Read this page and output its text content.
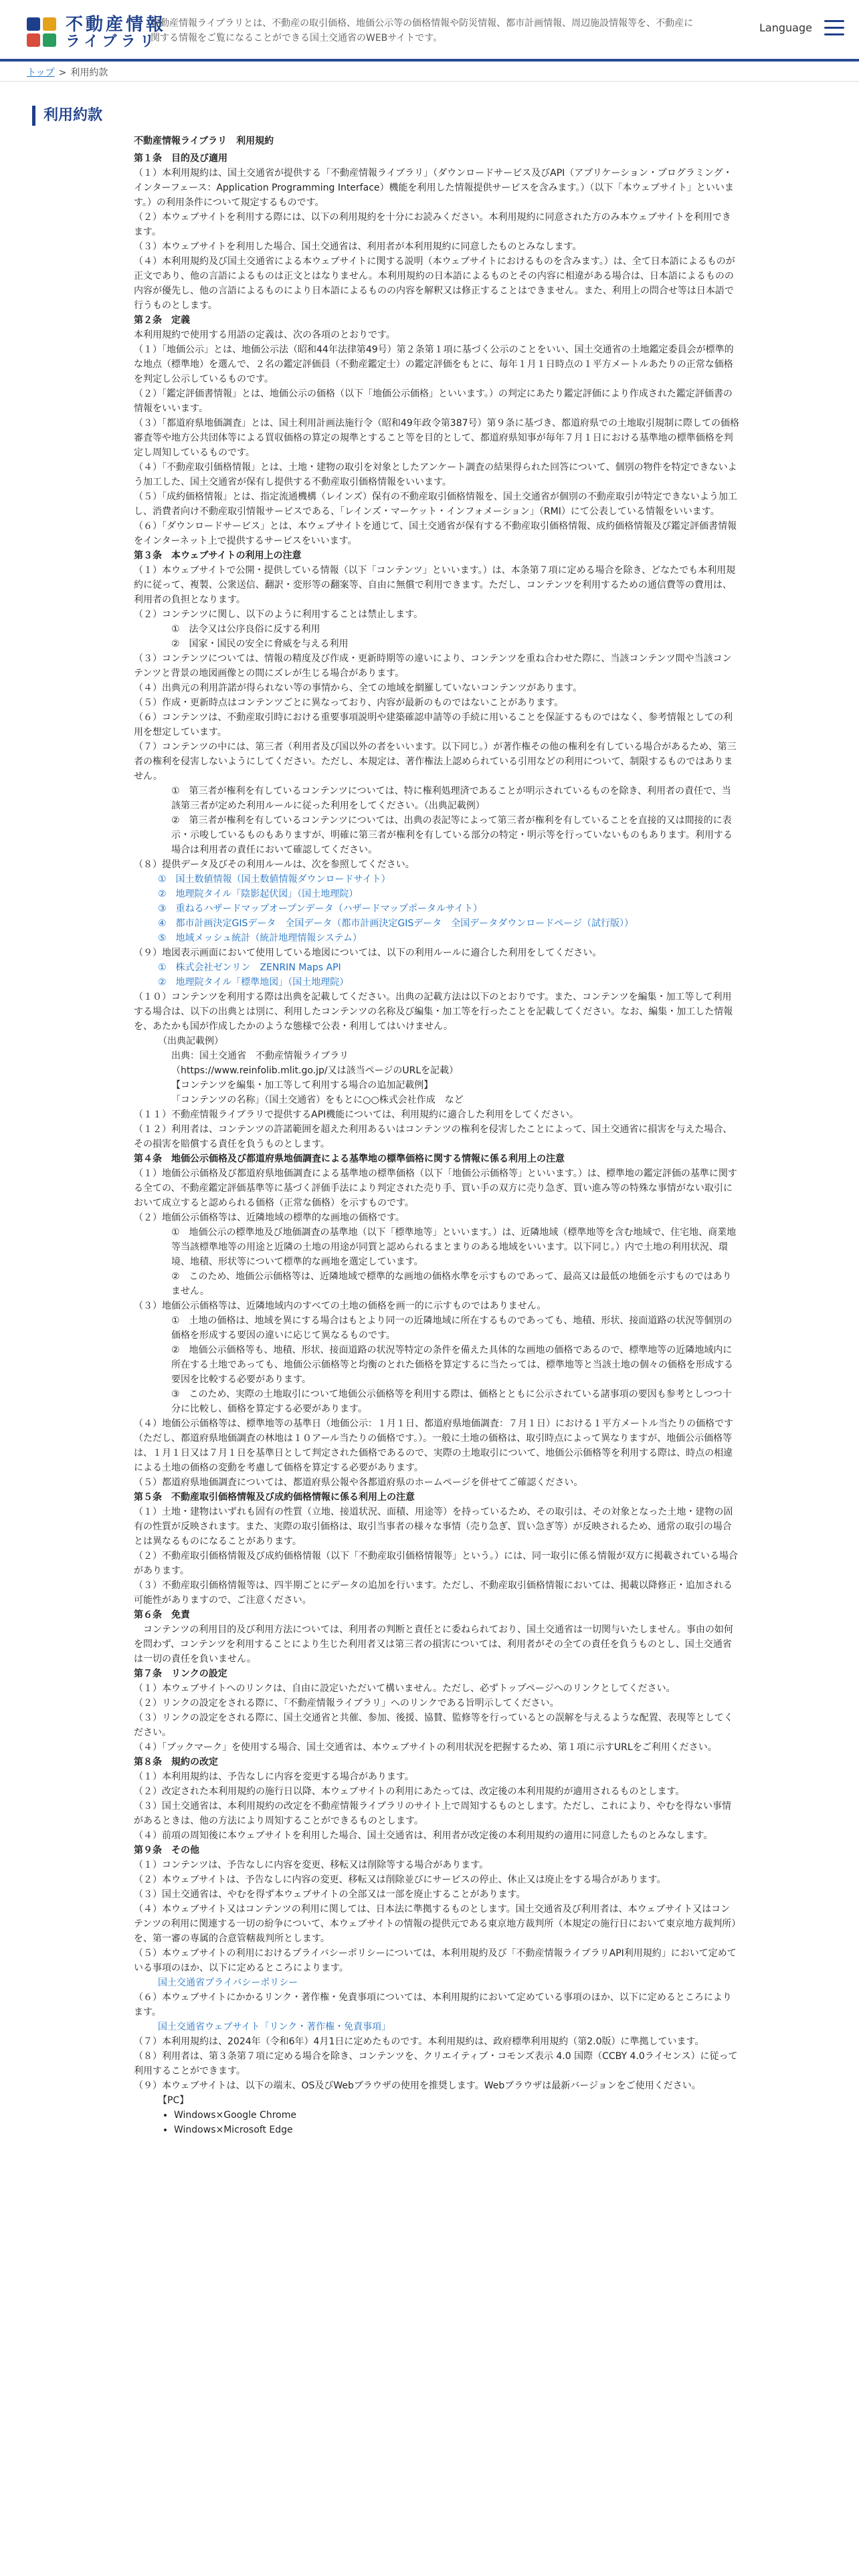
不動産情報
ライブラリ
不動産情報ライブラリとは、不動産の取引価格、地価公示等の価格情報や防災情報、都市計画情報、周辺施設情報等を、不動産に関する情報をご覧になることができる国土交通省のWEBサイトです。
Language
トップ > 利用約款
利用約款
不動産情報ライブラリ　利用規約
第１条　目的及び適用
（１）本利用規約は、国土交通省が提供する「不動産情報ライブラリ」（ダウンロードサービス及びAPI（アプリケーション・プログラミング・インターフェース：Application Programming Interface）機能を利用した情報提供サービスを含みます。）（以下「本ウェブサイト」といいます。）の利用条件について規定するものです。
（２）本ウェブサイトを利用する際には、以下の利用規約を十分にお読みください。本利用規約に同意された方のみ本ウェブサイトを利用できます。
（３）本ウェブサイトを利用した場合、国土交通省は、利用者が本利用規約に同意したものとみなします。
（４）本利用規約及び国土交通省による本ウェブサイトに関する説明（本ウェブサイトにおけるものを含みます。）は、全て日本語によるものが正文であり、他の言語によるものは正文とはなりません。本利用規約の日本語によるものとその内容に相違がある場合は、日本語によるものの内容が優先し、他の言語によるものにより日本語によるものの内容を解釈又は修正することはできません。また、利用上の問合せ等は日本語で行うものとします。
第２条　定義
本利用規約で使用する用語の定義は、次の各項のとおりです。
（１）「地価公示」とは、地価公示法（昭和44年法律第49号）第２条第１項に基づく公示のことをいい、国土交通省の土地鑑定委員会が標準的な地点（標準地）を選んで、２名の鑑定評価員（不動産鑑定士）の鑑定評価をもとに、毎年１月１日時点の１平方メートルあたりの正常な価格を判定し公示しているものです。
（２）「鑑定評価書情報」とは、地価公示の価格（以下「地価公示価格」といいます。）の判定にあたり鑑定評価により作成された鑑定評価書の情報をいいます。
（３）「都道府県地価調査」とは、国土利用計画法施行令（昭和49年政令第387号）第９条に基づき、都道府県での土地取引規制に際しての価格審査等や地方公共団体等による買収価格の算定の規準とすること等を目的として、都道府県知事が毎年７月１日における基準地の標準価格を判定し周知しているものです。
（４）「不動産取引価格情報」とは、土地・建物の取引を対象としたアンケート調査の結果得られた回答について、個別の物件を特定できないよう加工した、国土交通省が保有し提供する不動産取引価格情報をいいます。
（５）「成約価格情報」とは、指定流通機構（レインズ）保有の不動産取引価格情報を、国土交通省が個別の不動産取引が特定できないよう加工し、消費者向け不動産取引情報サービスである、「レインズ・マーケット・インフォメーション」（RMI）にて公表している情報をいいます。
（６）「ダウンロードサービス」とは、本ウェブサイトを通じて、国土交通省が保有する不動産取引価格情報、成約価格情報及び鑑定評価書情報をインターネット上で提供するサービスをいいます。
第３条　本ウェブサイトの利用上の注意
（１）本ウェブサイトで公開・提供している情報（以下「コンテンツ」といいます。）は、本条第７項に定める場合を除き、どなたでも本利用規約に従って、複製、公衆送信、翻訳・変形等の翻案等、自由に無償で利用できます。ただし、コンテンツを利用するための通信費等の費用は、利用者の負担となります。
（２）コンテンツに関し、以下のように利用することは禁止します。
①　法令又は公序良俗に反する利用
②　国家・国民の安全に脅威を与える利用
（３）コンテンツについては、情報の精度及び作成・更新時期等の違いにより、コンテンツを重ね合わせた際に、当該コンテンツ間や当該コンテンツと背景の地図画像との間にズレが生じる場合があります。
（４）出典元の利用許諾が得られない等の事情から、全ての地域を網羅していないコンテンツがあります。
（５）作成・更新時点はコンテンツごとに異なっており、内容が最新のものではないことがあります。
（６）コンテンツは、不動産取引時における重要事項説明や建築確認申請等の手続に用いることを保証するものではなく、参考情報としての利用を想定しています。
（７）コンテンツの中には、第三者（利用者及び国以外の者をいいます。以下同じ。）が著作権その他の権利を有している場合があるため、第三者の権利を侵害しないようにしてください。ただし、本規定は、著作権法上認められている引用などの利用について、制限するものではありません。
①　第三者が権利を有しているコンテンツについては、特に権利処理済であることが明示されているものを除き、利用者の責任で、当該第三者が定めた利用ルールに従った利用をしてください。（出典記載例）
②　第三者が権利を有しているコンテンツについては、出典の表記等によって第三者が権利を有していることを直接的又は間接的に表示・示唆しているものもありますが、明確に第三者が権利を有している部分の特定・明示等を行っていないものもあります。利用する場合は利用者の責任において確認してください。
（８）提供データ及びその利用ルールは、次を参照してください。
①　国土数値情報（国土数値情報ダウンロードサイト）
②　地理院タイル「陰影起伏図」（国土地理院）
③　重ねるハザードマップオープンデータ（ハザードマップポータルサイト）
④　都市計画決定GISデータ　全国データ（都市計画決定GISデータ　全国データダウンロードページ（試行版））
⑤　地域メッシュ統計（統計地理情報システム）
（９）地図表示画面において使用している地図については、以下の利用ルールに適合した利用をしてください。
①　株式会社ゼンリン　ZENRIN Maps API
②　地理院タイル「標準地図」（国土地理院）
（１０）コンテンツを利用する際は出典を記載してください。出典の記載方法は以下のとおりです。また、コンテンツを編集・加工等して利用する場合は、以下の出典とは別に、利用したコンテンツの名称及び編集・加工等を行ったことを記載してください。なお、編集・加工した情報を、あたかも国が作成したかのような態様で公表・利用してはいけません。
（出典記載例）
出典：国土交通省　不動産情報ライブラリ
（https://www.reinfolib.mlit.go.jp/又は該当ページのURLを記載）
【コンテンツを編集・加工等して利用する場合の追加記載例】
「コンテンツの名称」（国土交通省）をもとに○○株式会社作成　など
（１１）不動産情報ライブラリで提供するAPI機能については、利用規約に適合した利用をしてください。
（１２）利用者は、コンテンツの許諾範囲を超えた利用あるいはコンテンツの権利を侵害したことによって、国土交通省に損害を与えた場合、その損害を賠償する責任を負うものとします。
第４条　地価公示価格及び都道府県地価調査による基準地の標準価格に関する情報に係る利用上の注意
（１）地価公示価格及び都道府県地価調査による基準地の標準価格（以下「地価公示価格等」といいます。）は、標準地の鑑定評価の基準に関する全ての、不動産鑑定評価基準等に基づく評価手法により判定された売り手、買い手の双方に売り急ぎ、買い進み等の特殊な事情がない取引において成立すると認められる価格（正常な価格）を示すものです。
（２）地価公示価格等は、近隣地域の標準的な画地の価格です。
①　地価公示の標準地及び地価調査の基準地（以下「標準地等」といいます。）は、近隣地域（標準地等を含む地域で、住宅地、商業地等当該標準地等の用途と近隣の土地の用途が同質と認められるまとまりのある地域をいいます。以下同じ。）内で土地の利用状況、環境、地積、形状等について標準的な画地を選定しています。
②　このため、地価公示価格等は、近隣地域で標準的な画地の価格水準を示すものであって、最高又は最低の地価を示すものではありません。
（３）地価公示価格等は、近隣地域内のすべての土地の価格を画一的に示すものではありません。
①　土地の価格は、地域を異にする場合はもとより同一の近隣地域に所在するものであっても、地積、形状、接面道路の状況等個別の価格を形成する要因の違いに応じて異なるものです。
②　地価公示価格等も、地積、形状、接面道路の状況等特定の条件を備えた具体的な画地の価格であるので、標準地等の近隣地域内に所在する土地であっても、地価公示価格等と均衡のとれた価格を算定するに当たっては、標準地等と当該土地の個々の価格を形成する要因を比較する必要があります。
③　このため、実際の土地取引について地価公示価格等を利用する際は、価格とともに公示されている諸事項の要因も参考としつつ十分に比較し、価格を算定する必要があります。
（４）地価公示価格等は、標準地等の基準日（地価公示：１月１日、都道府県地価調査：７月１日）における１平方メートル当たりの価格です（ただし、都道府県地価調査の林地は１０アール当たりの価格です。）。一般に土地の価格は、取引時点によって異なりますが、地価公示価格等は、１月１日又は７月１日を基準日として判定された価格であるので、実際の土地取引について、地価公示価格等を利用する際は、時点の相違による土地の価格の変動を考慮して価格を算定する必要があります。
（５）都道府県地価調査については、都道府県公報や各都道府県のホームページを併せてご確認ください。
第５条　不動産取引価格情報及び成約価格情報に係る利用上の注意
（１）土地・建物はいずれも固有の性質（立地、接道状況、面積、用途等）を持っているため、その取引は、その対象となった土地・建物の固有の性質が反映されます。また、実際の取引価格は、取引当事者の様々な事情（売り急ぎ、買い急ぎ等）が反映されるため、通常の取引の場合とは異なるものになることがあります。
（２）不動産取引価格情報及び成約価格情報（以下「不動産取引価格情報等」という。）には、同一取引に係る情報が双方に掲載されている場合があります。
（３）不動産取引価格情報等は、四半期ごとにデータの追加を行います。ただし、不動産取引価格情報においては、掲載以降修正・追加される可能性がありますので、ご注意ください。
第６条　免責
　コンテンツの利用目的及び利用方法については、利用者の判断と責任とに委ねられており、国土交通省は一切関与いたしません。事由の如何を問わず、コンテンツを利用することにより生じた利用者又は第三者の損害については、利用者がその全ての責任を負うものとし、国土交通省は一切の責任を負いません。
第７条　リンクの設定
（１）本ウェブサイトへのリンクは、自由に設定いただいて構いません。ただし、必ずトップページへのリンクとしてください。
（２）リンクの設定をされる際に、「不動産情報ライブラリ」へのリンクである旨明示してください。
（３）リンクの設定をされる際に、国土交通省と共催、参加、後援、協賛、監修等を行っているとの誤解を与えるような配置、表現等としてください。
（４）「ブックマーク」を使用する場合、国土交通省は、本ウェブサイトの利用状況を把握するため、第１項に示すURLをご利用ください。
第８条　規約の改定
（１）本利用規約は、予告なしに内容を変更する場合があります。
（２）改定された本利用規約の施行日以降、本ウェブサイトの利用にあたっては、改定後の本利用規約が適用されるものとします。
（３）国土交通省は、本利用規約の改定を不動産情報ライブラリのサイト上で周知するものとします。ただし、これにより、やむを得ない事情があるときは、他の方法により周知することができるものとします。
（４）前項の周知後に本ウェブサイトを利用した場合、国土交通省は、利用者が改定後の本利用規約の適用に同意したものとみなします。
第９条　その他
（１）コンテンツは、予告なしに内容を変更、移転又は削除等する場合があります。
（２）本ウェブサイトは、予告なしに内容の変更、移転又は削除並びにサービスの停止、休止又は廃止をする場合があります。
（３）国土交通省は、やむを得ず本ウェブサイトの全部又は一部を廃止することがあります。
（４）本ウェブサイト又はコンテンツの利用に関しては、日本法に準拠するものとします。国土交通省及び利用者は、本ウェブサイト又はコンテンツの利用に関連する一切の紛争について、本ウェブサイトの情報の提供元である東京地方裁判所（本規定の施行日において東京地方裁判所）を、第一審の専属的合意管轄裁判所とします。
（５）本ウェブサイトの利用におけるプライバシーポリシーについては、本利用規約及び「不動産情報ライブラリAPI利用規約」において定めている事項のほか、以下に定めるところによります。
国土交通省プライバシーポリシー
（６）本ウェブサイトにかかるリンク・著作権・免責事項については、本利用規約において定めている事項のほか、以下に定めるところによります。
国土交通省ウェブサイト「リンク・著作権・免責事項」
（７）本利用規約は、2024年（令和6年）4月1日に定めたものです。本利用規約は、政府標準利用規約（第2.0版）に準拠しています。
（８）利用者は、第３条第７項に定める場合を除き、コンテンツを、クリエイティブ・コモンズ表示 4.0 国際（CCBY 4.0ライセンス）に従って利用することができます。
（９）本ウェブサイトは、以下の端末、OS及びWebブラウザの使用を推奨します。Webブラウザは最新バージョンをご使用ください。
【PC】
• Windows×Google Chrome
• Windows×Microsoft Edge
